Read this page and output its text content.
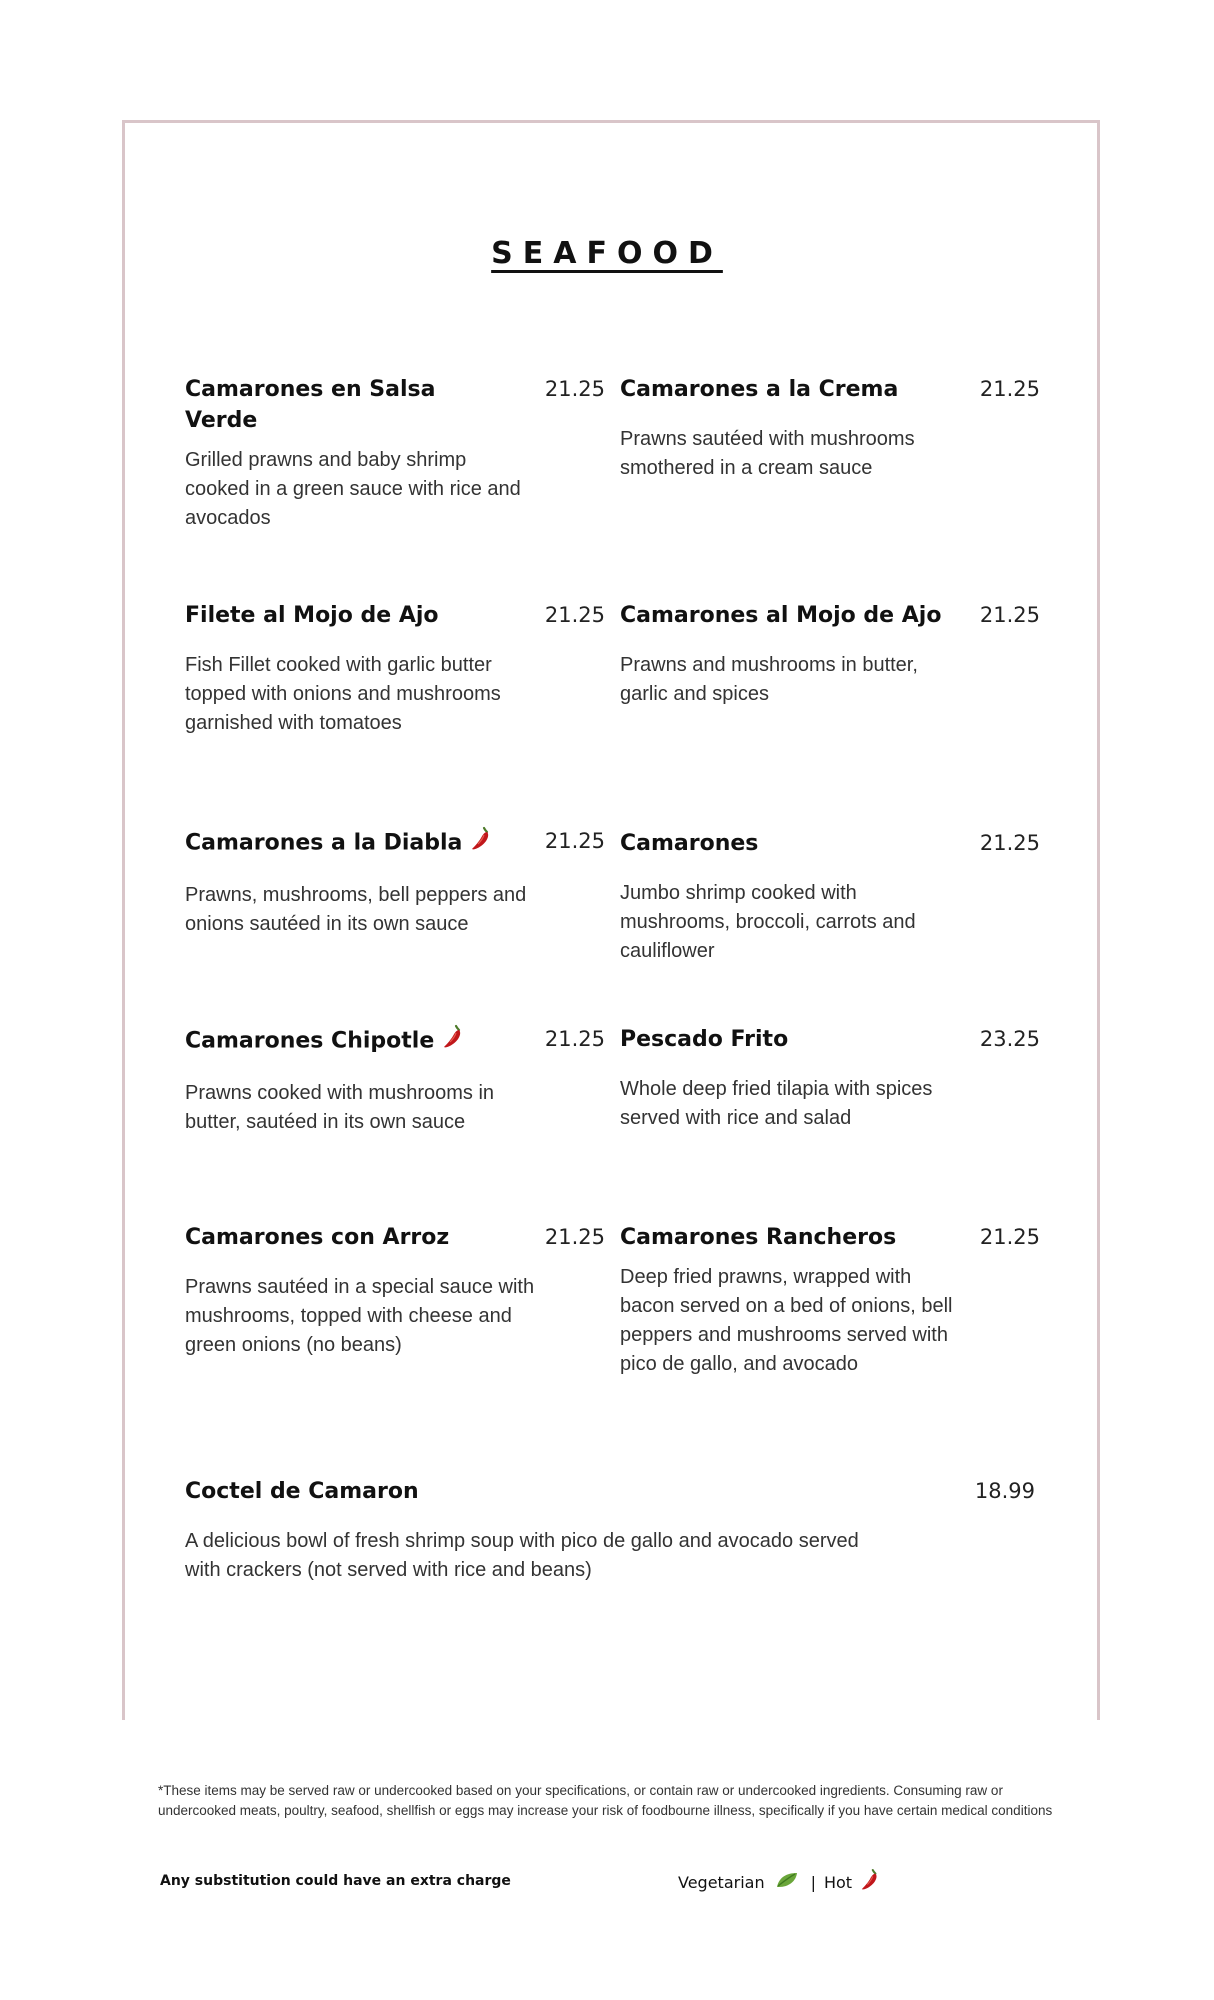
SEAFOOD
Camarones en Salsa Verde
21.25
Grilled prawns and baby shrimp cooked in a green sauce with rice and avocados
Camarones a la Crema	21.25
Prawns sautéed with mushrooms smothered in a cream sauce
Filete al Mojo de Ajo	21.25
Fish Fillet cooked with garlic butter topped with onions and mushrooms garnished with tomatoes
Camarones al Mojo de Ajo 21.25
Prawns and mushrooms in butter, garlic and spices
Camarones a la Diabla	21.25
Prawns, mushrooms, bell peppers and onions sautéed in its own sauce
Camarones	21.25
Jumbo shrimp cooked with mushrooms, broccoli, carrots and cauliflower
Camarones Chipotle	21.25
Prawns cooked with mushrooms in butter, sautéed in its own sauce
Pescado Frito	23.25
Whole deep fried tilapia with spices served with rice and salad
Camarones con Arroz	21.25
Prawns sautéed in a special sauce with mushrooms, topped with cheese and green onions (no beans)
Camarones Rancheros	21.25
Deep fried prawns, wrapped with bacon served on a bed of onions, bell peppers and mushrooms served with pico de gallo, and avocado
Coctel de Camaron	18.99
A delicious bowl of fresh shrimp soup with pico de gallo and avocado served with crackers (not served with rice and beans)
*These items may be served raw or undercooked based on your specifications, or contain raw or undercooked ingredients. Consuming raw or undercooked meats, poultry, seafood, shellfish or eggs may increase your risk of foodbourne illness, specifically if you have certain medical conditions
Any substitution could have an extra charge	Vegetarian	| Hot
